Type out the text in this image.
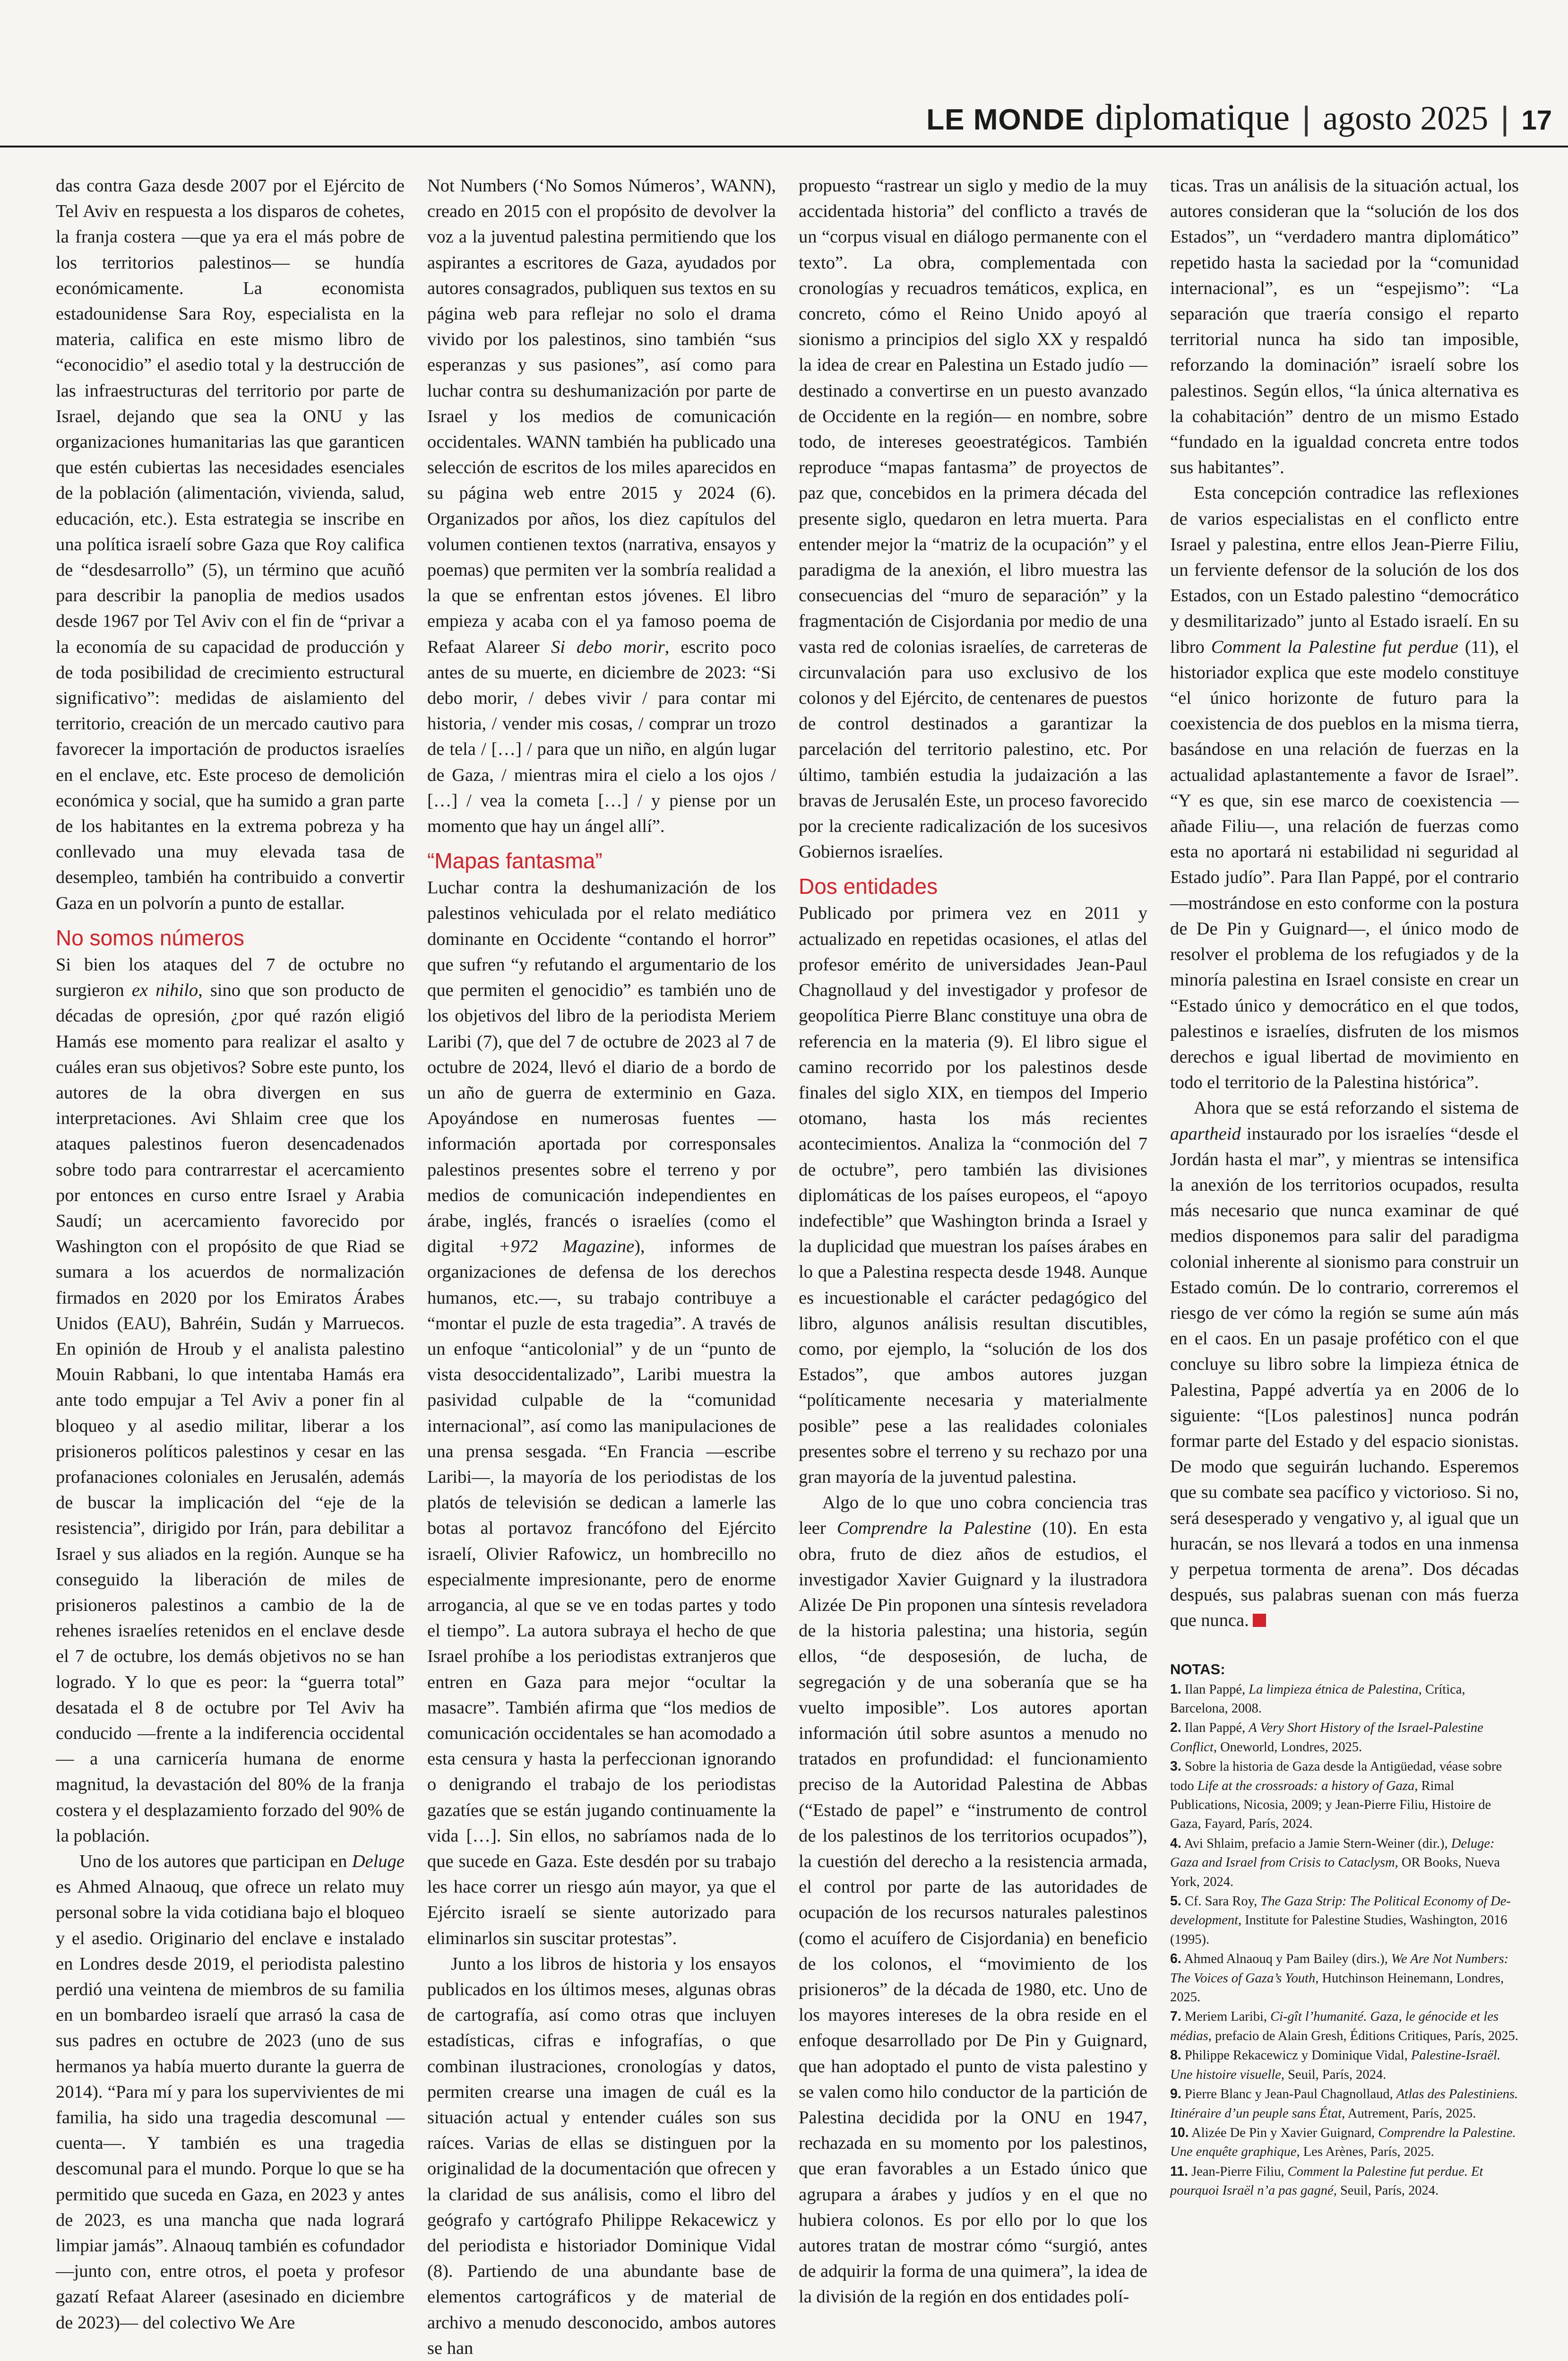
LE MONDE diplomatique | agosto 2025 | 17

das contra Gaza desde 2007 por el Ejército de Tel Aviv en respuesta a los disparos de cohetes, la franja costera —que ya era el más pobre de los territorios palestinos— se hundía económicamente. La economista estadounidense Sara Roy, especialista en la materia, califica en este mismo libro de “econocidio” el asedio total y la destrucción de las infraestructuras del territorio por parte de Israel, dejando que sea la ONU y las organizaciones humanitarias las que garanticen que estén cubiertas las necesidades esenciales de la población (alimentación, vivienda, salud, educación, etc.). Esta estrategia se inscribe en una política israelí sobre Gaza que Roy califica de “desdesarrollo” (5), un término que acuñó para describir la panoplia de medios usados desde 1967 por Tel Aviv con el fin de “privar a la economía de su capacidad de producción y de toda posibilidad de crecimiento estructural significativo”: medidas de aislamiento del territorio, creación de un mercado cautivo para favorecer la importación de productos israelíes en el enclave, etc. Este proceso de demolición económica y social, que ha sumido a gran parte de los habitantes en la extrema pobreza y ha conllevado una muy elevada tasa de desempleo, también ha contribuido a convertir Gaza en un polvorín a punto de estallar.

No somos números

Si bien los ataques del 7 de octubre no surgieron ex nihilo, sino que son producto de décadas de opresión, ¿por qué razón eligió Hamás ese momento para realizar el asalto y cuáles eran sus objetivos? Sobre este punto, los autores de la obra divergen en sus interpretaciones. Avi Shlaim cree que los ataques palestinos fueron desencadenados sobre todo para contrarrestar el acercamiento por entonces en curso entre Israel y Arabia Saudí; un acercamiento favorecido por Washington con el propósito de que Riad se sumara a los acuerdos de normalización firmados en 2020 por los Emiratos Árabes Unidos (EAU), Bahréin, Sudán y Marruecos. En opinión de Hroub y el analista palestino Mouin Rabbani, lo que intentaba Hamás era ante todo empujar a Tel Aviv a poner fin al bloqueo y al asedio militar, liberar a los prisioneros políticos palestinos y cesar en las profanaciones coloniales en Jerusalén, además de buscar la implicación del “eje de la resistencia”, dirigido por Irán, para debilitar a Israel y sus aliados en la región. Aunque se ha conseguido la liberación de miles de prisioneros palestinos a cambio de la de rehenes israelíes retenidos en el enclave desde el 7 de octubre, los demás objetivos no se han logrado. Y lo que es peor: la “guerra total” desatada el 8 de octubre por Tel Aviv ha conducido —frente a la indiferencia occidental— a una carnicería humana de enorme magnitud, la devastación del 80% de la franja costera y el desplazamiento forzado del 90% de la población.

Uno de los autores que participan en Deluge es Ahmed Alnaouq, que ofrece un relato muy personal sobre la vida cotidiana bajo el bloqueo y el asedio. Originario del enclave e instalado en Londres desde 2019, el periodista palestino perdió una veintena de miembros de su familia en un bombardeo israelí que arrasó la casa de sus padres en octubre de 2023 (uno de sus hermanos ya había muerto durante la guerra de 2014). “Para mí y para los supervivientes de mi familia, ha sido una tragedia descomunal —cuenta—. Y también es una tragedia descomunal para el mundo. Porque lo que se ha permitido que suceda en Gaza, en 2023 y antes de 2023, es una mancha que nada logrará limpiar jamás”. Alnaouq también es cofundador —junto con, entre otros, el poeta y profesor gazatí Refaat Alareer (asesinado en diciembre de 2023)— del colectivo We Are

Not Numbers (‘No Somos Números’, WANN), creado en 2015 con el propósito de devolver la voz a la juventud palestina permitiendo que los aspirantes a escritores de Gaza, ayudados por autores consagrados, publiquen sus textos en su página web para reflejar no solo el drama vivido por los palestinos, sino también “sus esperanzas y sus pasiones”, así como para luchar contra su deshumanización por parte de Israel y los medios de comunicación occidentales. WANN también ha publicado una selección de escritos de los miles aparecidos en su página web entre 2015 y 2024 (6). Organizados por años, los diez capítulos del volumen contienen textos (narrativa, ensayos y poemas) que permiten ver la sombría realidad a la que se enfrentan estos jóvenes. El libro empieza y acaba con el ya famoso poema de Refaat Alareer Si debo morir, escrito poco antes de su muerte, en diciembre de 2023: “Si debo morir, / debes vivir / para contar mi historia, / vender mis cosas, / comprar un trozo de tela / […] / para que un niño, en algún lugar de Gaza, / mientras mira el cielo a los ojos / […] / vea la cometa […] / y piense por un momento que hay un ángel allí”.

“Mapas fantasma”

Luchar contra la deshumanización de los palestinos vehiculada por el relato mediático dominante en Occidente “contando el horror” que sufren “y refutando el argumentario de los que permiten el genocidio” es también uno de los objetivos del libro de la periodista Meriem Laribi (7), que del 7 de octubre de 2023 al 7 de octubre de 2024, llevó el diario de a bordo de un año de guerra de exterminio en Gaza. Apoyándose en numerosas fuentes —información aportada por corresponsales palestinos presentes sobre el terreno y por medios de comunicación independientes en árabe, inglés, francés o israelíes (como el digital +972 Magazine), informes de organizaciones de defensa de los derechos humanos, etc.—, su trabajo contribuye a “montar el puzle de esta tragedia”. A través de un enfoque “anticolonial” y de un “punto de vista desoccidentalizado”, Laribi muestra la pasividad culpable de la “comunidad internacional”, así como las manipulaciones de una prensa sesgada. “En Francia —escribe Laribi—, la mayoría de los periodistas de los platós de televisión se dedican a lamerle las botas al portavoz francófono del Ejército israelí, Olivier Rafowicz, un hombrecillo no especialmente impresionante, pero de enorme arrogancia, al que se ve en todas partes y todo el tiempo”. La autora subraya el hecho de que Israel prohíbe a los periodistas extranjeros que entren en Gaza para mejor “ocultar la masacre”. También afirma que “los medios de comunicación occidentales se han acomodado a esta censura y hasta la perfeccionan ignorando o denigrando el trabajo de los periodistas gazatíes que se están jugando continuamente la vida […]. Sin ellos, no sabríamos nada de lo que sucede en Gaza. Este desdén por su trabajo les hace correr un riesgo aún mayor, ya que el Ejército israelí se siente autorizado para eliminarlos sin suscitar protestas”.

Junto a los libros de historia y los ensayos publicados en los últimos meses, algunas obras de cartografía, así como otras que incluyen estadísticas, cifras e infografías, o que combinan ilustraciones, cronologías y datos, permiten crearse una imagen de cuál es la situación actual y entender cuáles son sus raíces. Varias de ellas se distinguen por la originalidad de la documentación que ofrecen y la claridad de sus análisis, como el libro del geógrafo y cartógrafo Philippe Rekacewicz y del periodista e historiador Dominique Vidal (8). Partiendo de una abundante base de elementos cartográficos y de material de archivo a menudo desconocido, ambos autores se han

propuesto “rastrear un siglo y medio de la muy accidentada historia” del conflicto a través de un “corpus visual en diálogo permanente con el texto”. La obra, complementada con cronologías y recuadros temáticos, explica, en concreto, cómo el Reino Unido apoyó al sionismo a principios del siglo XX y respaldó la idea de crear en Palestina un Estado judío —destinado a convertirse en un puesto avanzado de Occidente en la región— en nombre, sobre todo, de intereses geoestratégicos. También reproduce “mapas fantasma” de proyectos de paz que, concebidos en la primera década del presente siglo, quedaron en letra muerta. Para entender mejor la “matriz de la ocupación” y el paradigma de la anexión, el libro muestra las consecuencias del “muro de separación” y la fragmentación de Cisjordania por medio de una vasta red de colonias israelíes, de carreteras de circunvalación para uso exclusivo de los colonos y del Ejército, de centenares de puestos de control destinados a garantizar la parcelación del territorio palestino, etc. Por último, también estudia la judaización a las bravas de Jerusalén Este, un proceso favorecido por la creciente radicalización de los sucesivos Gobiernos israelíes.

Dos entidades

Publicado por primera vez en 2011 y actualizado en repetidas ocasiones, el atlas del profesor emérito de universidades Jean-Paul Chagnollaud y del investigador y profesor de geopolítica Pierre Blanc constituye una obra de referencia en la materia (9). El libro sigue el camino recorrido por los palestinos desde finales del siglo XIX, en tiempos del Imperio otomano, hasta los más recientes acontecimientos. Analiza la “conmoción del 7 de octubre”, pero también las divisiones diplomáticas de los países europeos, el “apoyo indefectible” que Washington brinda a Israel y la duplicidad que muestran los países árabes en lo que a Palestina respecta desde 1948. Aunque es incuestionable el carácter pedagógico del libro, algunos análisis resultan discutibles, como, por ejemplo, la “solución de los dos Estados”, que ambos autores juzgan “políticamente necesaria y materialmente posible” pese a las realidades coloniales presentes sobre el terreno y su rechazo por una gran mayoría de la juventud palestina.

Algo de lo que uno cobra conciencia tras leer Comprendre la Palestine (10). En esta obra, fruto de diez años de estudios, el investigador Xavier Guignard y la ilustradora Alizée De Pin proponen una síntesis reveladora de la historia palestina; una historia, según ellos, “de desposesión, de lucha, de segregación y de una soberanía que se ha vuelto imposible”. Los autores aportan información útil sobre asuntos a menudo no tratados en profundidad: el funcionamiento preciso de la Autoridad Palestina de Abbas (“Estado de papel” e “instrumento de control de los palestinos de los territorios ocupados”), la cuestión del derecho a la resistencia armada, el control por parte de las autoridades de ocupación de los recursos naturales palestinos (como el acuífero de Cisjordania) en beneficio de los colonos, el “movimiento de los prisioneros” de la década de 1980, etc. Uno de los mayores intereses de la obra reside en el enfoque desarrollado por De Pin y Guignard, que han adoptado el punto de vista palestino y se valen como hilo conductor de la partición de Palestina decidida por la ONU en 1947, rechazada en su momento por los palestinos, que eran favorables a un Estado único que agrupara a árabes y judíos y en el que no hubiera colonos. Es por ello por lo que los autores tratan de mostrar cómo “surgió, antes de adquirir la forma de una quimera”, la idea de la división de la región en dos entidades polí-

ticas. Tras un análisis de la situación actual, los autores consideran que la “solución de los dos Estados”, un “verdadero mantra diplomático” repetido hasta la saciedad por la “comunidad internacional”, es un “espejismo”: “La separación que traería consigo el reparto territorial nunca ha sido tan imposible, reforzando la dominación” israelí sobre los palestinos. Según ellos, “la única alternativa es la cohabitación” dentro de un mismo Estado “fundado en la igualdad concreta entre todos sus habitantes”.

Esta concepción contradice las reflexiones de varios especialistas en el conflicto entre Israel y palestina, entre ellos Jean-Pierre Filiu, un ferviente defensor de la solución de los dos Estados, con un Estado palestino “democrático y desmilitarizado” junto al Estado israelí. En su libro Comment la Palestine fut perdue (11), el historiador explica que este modelo constituye “el único horizonte de futuro para la coexistencia de dos pueblos en la misma tierra, basándose en una relación de fuerzas en la actualidad aplastantemente a favor de Israel”. “Y es que, sin ese marco de coexistencia —añade Filiu—, una relación de fuerzas como esta no aportará ni estabilidad ni seguridad al Estado judío”. Para Ilan Pappé, por el contrario —mostrándose en esto conforme con la postura de De Pin y Guignard—, el único modo de resolver el problema de los refugiados y de la minoría palestina en Israel consiste en crear un “Estado único y democrático en el que todos, palestinos e israelíes, disfruten de los mismos derechos e igual libertad de movimiento en todo el territorio de la Palestina histórica”.

Ahora que se está reforzando el sistema de apartheid instaurado por los israelíes “desde el Jordán hasta el mar”, y mientras se intensifica la anexión de los territorios ocupados, resulta más necesario que nunca examinar de qué medios disponemos para salir del paradigma colonial inherente al sionismo para construir un Estado común. De lo contrario, correremos el riesgo de ver cómo la región se sume aún más en el caos. En un pasaje profético con el que concluye su libro sobre la limpieza étnica de Palestina, Pappé advertía ya en 2006 de lo siguiente: “[Los palestinos] nunca podrán formar parte del Estado y del espacio sionistas. De modo que seguirán luchando. Esperemos que su combate sea pacífico y victorioso. Si no, será desesperado y vengativo y, al igual que un huracán, se nos llevará a todos en una inmensa y perpetua tormenta de arena”. Dos décadas después, sus palabras suenan con más fuerza que nunca.

NOTAS:

1. Ilan Pappé, La limpieza étnica de Palestina, Crítica, Barcelona, 2008.

2. Ilan Pappé, A Very Short History of the Israel-Palestine Conflict, Oneworld, Londres, 2025.

3. Sobre la historia de Gaza desde la Antigüedad, véase sobre todo Life at the crossroads: a history of Gaza, Rimal Publications, Nicosia, 2009; y Jean-Pierre Filiu, Histoire de Gaza, Fayard, París, 2024.

4. Avi Shlaim, prefacio a Jamie Stern-Weiner (dir.), Deluge: Gaza and Israel from Crisis to Cataclysm, OR Books, Nueva York, 2024.

5. Cf. Sara Roy, The Gaza Strip: The Political Economy of De-development, Institute for Palestine Studies, Washington, 2016 (1995).

6. Ahmed Alnaouq y Pam Bailey (dirs.), We Are Not Numbers: The Voices of Gaza’s Youth, Hutchinson Heinemann, Londres, 2025.

7. Meriem Laribi, Ci-gît l’humanité. Gaza, le génocide et les médias, prefacio de Alain Gresh, Éditions Critiques, París, 2025.

8. Philippe Rekacewicz y Dominique Vidal, Palestine-Israël. Une histoire visuelle, Seuil, París, 2024.

9. Pierre Blanc y Jean-Paul Chagnollaud, Atlas des Palestiniens. Itinéraire d’un peuple sans État, Autrement, París, 2025.

10. Alizée De Pin y Xavier Guignard, Comprendre la Palestine. Une enquête graphique, Les Arènes, París, 2025.

11. Jean-Pierre Filiu, Comment la Palestine fut perdue. Et pourquoi Israël n’a pas gagné, Seuil, París, 2024.
